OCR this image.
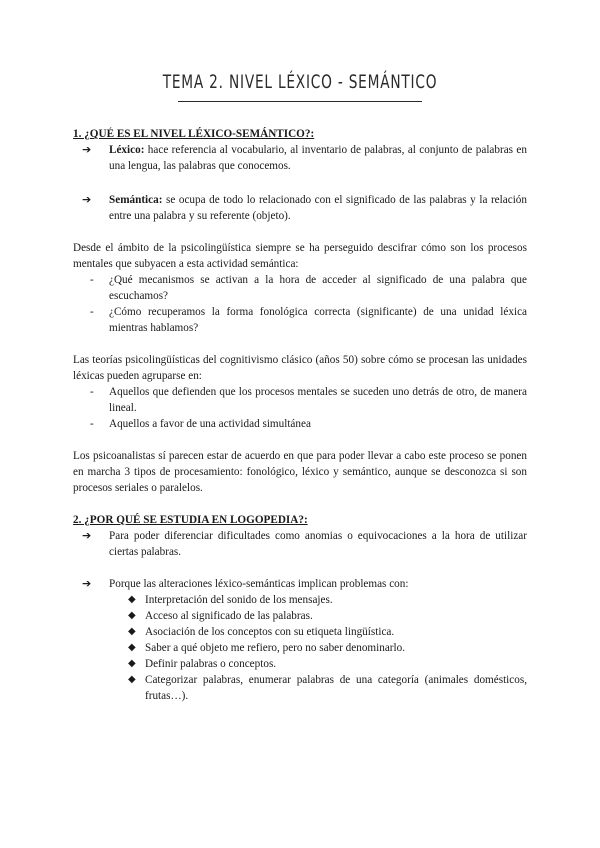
TEMA 2. NIVEL LÉXICO - SEMÁNTICO
1. ¿QUÉ ES EL NIVEL LÉXICO-SEMÁNTICO?:
➔ Léxico: hace referencia al vocabulario, al inventario de palabras, al conjunto de palabras en una lengua, las palabras que conocemos.
➔ Semántica: se ocupa de todo lo relacionado con el significado de las palabras y la relación entre una palabra y su referente (objeto).

Desde el ámbito de la psicolingüística siempre se ha perseguido descifrar cómo son los procesos mentales que subyacen a esta actividad semántica:

- ¿Qué mecanismos se activan a la hora de acceder al significado de una palabra que escuchamos?
- ¿Cómo recuperamos la forma fonológica correcta (significante) de una unidad léxica mientras hablamos?

Las teorías psicolingüísticas del cognitivismo clásico (años 50) sobre cómo se procesan las unidades léxicas pueden agruparse en:

- Aquellos que defienden que los procesos mentales se suceden uno detrás de otro, de manera lineal.
- Aquellos a favor de una actividad simultánea

Los psicoanalistas sí parecen estar de acuerdo en que para poder llevar a cabo este proceso se ponen en marcha 3 tipos de procesamiento: fonológico, léxico y semántico, aunque se desconozca si son procesos seriales o paralelos.

2. ¿POR QUÉ SE ESTUDIA EN LOGOPEDIA?:
➔ Para poder diferenciar dificultades como anomias o equivocaciones a la hora de utilizar ciertas palabras.
➔ Porque las alteraciones léxico-semánticas implican problemas con:
◆ Interpretación del sonido de los mensajes.
◆ Acceso al significado de las palabras.
◆ Asociación de los conceptos con su etiqueta lingüística.
◆ Saber a qué objeto me refiero, pero no saber denominarlo.
◆ Definir palabras o conceptos.
◆ Categorizar palabras, enumerar palabras de una categoría (animales domésticos, frutas…).
